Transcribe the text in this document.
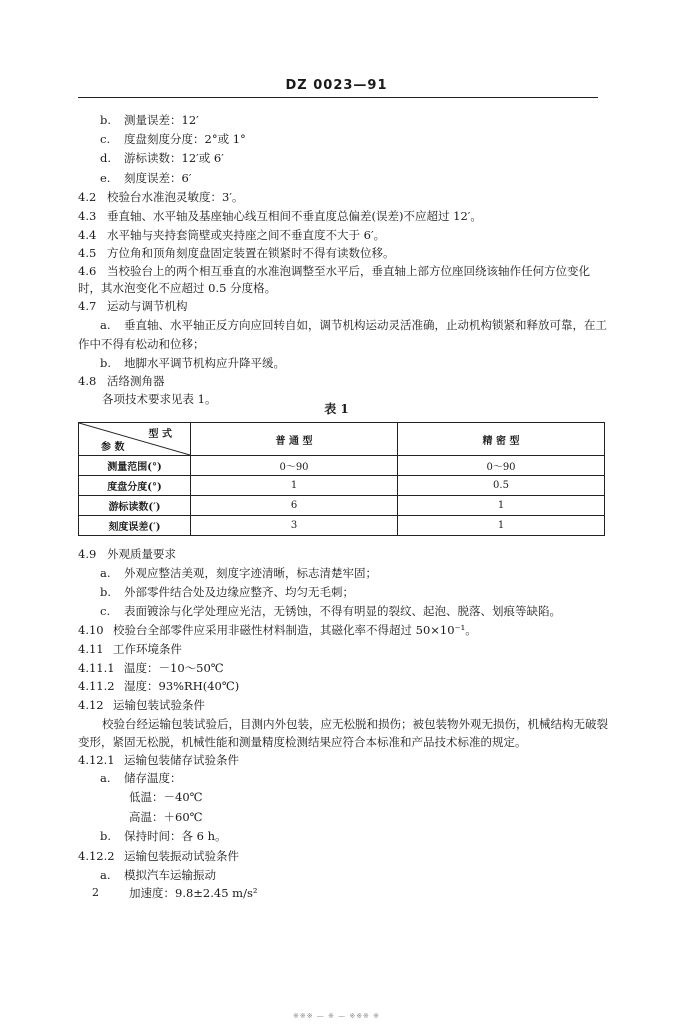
DZ 0023—91
b. 测量误差：12′
c. 度盘刻度分度：2°或 1°
d. 游标读数：12′或 6′
e. 刻度误差：6′
4.2 校验台水准泡灵敏度：3′。
4.3 垂直轴、水平轴及基座轴心线互相间不垂直度总偏差(误差)不应超过 12′。
4.4 水平轴与夹持套筒壁或夹持座之间不垂直度不大于 6′。
4.5 方位角和顶角刻度盘固定装置在锁紧时不得有读数位移。
4.6 当校验台上的两个相互垂直的水准泡调整至水平后，垂直轴上部方位座回绕该轴作任何方位变化
时，其水泡变化不应超过 0.5 分度格。
4.7 运动与调节机构
a. 垂直轴、水平轴正反方向应回转自如，调节机构运动灵活准确，止动机构锁紧和释放可靠，在工
作中不得有松动和位移；
b. 地脚水平调节机构应升降平缓。
4.8 活络测角器
各项技术要求见表 1。
4.9 外观质量要求
a. 外观应整洁美观，刻度字迹清晰，标志清楚牢固；
b. 外部零件结合处及边缘应整齐、均匀无毛刺；
c. 表面镀涂与化学处理应光洁，无锈蚀，不得有明显的裂纹、起泡、脱落、划痕等缺陷。
4.10 校验台全部零件应采用非磁性材料制造，其磁化率不得超过 50×10⁻¹。
4.11 工作环境条件
4.11.1 温度：－10～50℃
4.11.2 湿度：93%RH(40℃)
4.12 运输包装试验条件
校验台经运输包装试验后，目测内外包装，应无松脱和损伤；被包装物外观无损伤，机械结构无破裂
变形，紧固无松脱，机械性能和测量精度检测结果应符合本标准和产品技术标准的规定。
4.12.1 运输包装储存试验条件
a. 储存温度：
低温：－40℃
高温：＋60℃
b. 保持时间：各 6 h。
4.12.2 运输包装振动试验条件
a. 模拟汽车运输振动
加速度：9.8±2.45 m/s²
表 1
型 式
参 数	普 通 型	精 密 型
测量范围(°)	0～90	0～90
度盘分度(°)	1	0.5
游标读数(′)	6	1
刻度误差(′)	3	1
2
※※※ — ※ — ※※※ ※
